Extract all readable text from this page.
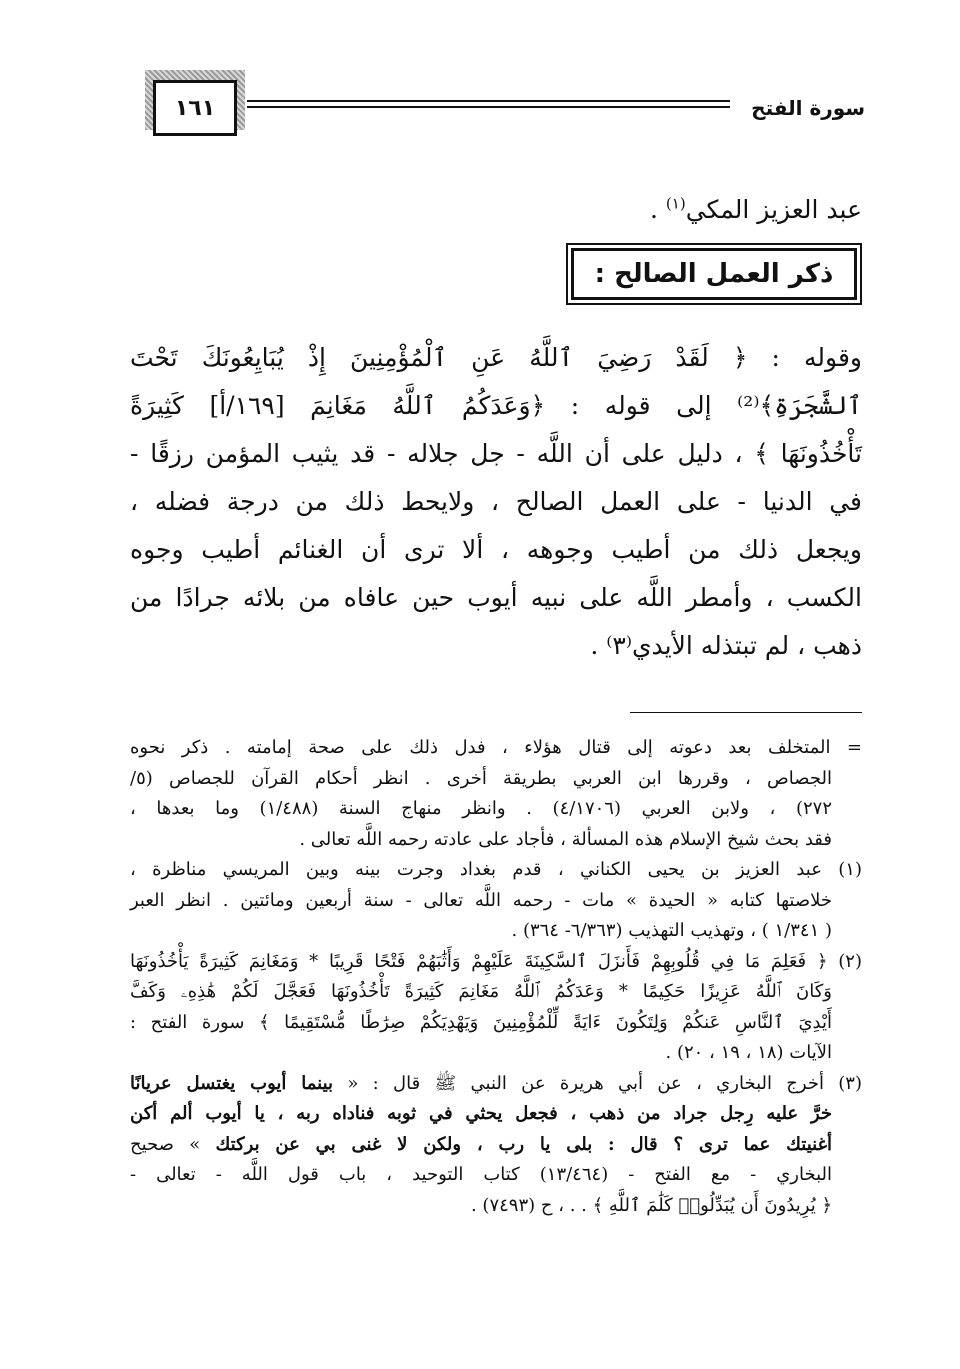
١٦١	سورة الفتح
عبد العزيز المكي$^{(١)}$ .
ذكر العمل الصالح :
وقوله : ﴿ لَقَدْ رَضِيَ ٱللَّهُ عَنِ ٱلْمُؤْمِنِينَ إِذْ يُبَايِعُونَكَ تَحْتَ
ٱلشَّجَرَةِ﴾⁽²⁾ إلى قوله : ﴿وَعَدَكُمُ ٱللَّهُ مَغَانِمَ [١٦٩/أ] كَثِيرَةً
تَأْخُذُونَهَا ﴾ ، دليل على أن اللَّه - جل جلاله - قد يثيب المؤمن رزقًا -
في الدنيا - على العمل الصالح ، ولايحط ذلك من درجة فضله ،
ويجعل ذلك من أطيب وجوهه ، ألا ترى أن الغنائم أطيب وجوه
الكسب ، وأمطر اللَّه على نبيه أيوب حين عافاه من بلائه جرادًا من
ذهب ، لم تبتذله الأيدي⁽٣⁾ .
= المتخلف بعد دعوته إلى قتال هؤلاء ، فدل ذلك على صحة إمامته . ذكر نحوه
الجصاص ، وقررها ابن العربي بطريقة أخرى . انظر أحكام القرآن للجصاص (٥/
٢٧٢) ، ولابن العربي (٤/١٧٠٦) . وانظر منهاج السنة (١/٤٨٨) وما بعدها ،
فقد بحث شيخ الإسلام هذه المسألة ، فأجاد على عادته رحمه اللَّه تعالى .
(١) عبد العزيز بن يحيى الكناني ، قدم بغداد وجرت بينه وبين المريسي مناظرة ،
خلاصتها كتابه « الحيدة » مات - رحمه اللَّه تعالى - سنة أربعين ومائتين . انظر العبر
( ١/٣٤١ ) ، وتهذيب التهذيب (٦/٣٦٣- ٣٦٤) .
(٢) ﴿ فَعَلِمَ مَا فِي قُلُوبِهِمْ فَأَنزَلَ ٱلسَّكِينَةَ عَلَيْهِمْ وَأَثَٰبَهُمْ فَتْحًا قَرِيبًا * وَمَغَانِمَ كَثِيرَةً يَأْخُذُونَهَا
وَكَانَ ٱللَّهُ عَزِيزًا حَكِيمًا * وَعَدَكُمُ ٱللَّهُ مَغَانِمَ كَثِيرَةً تَأْخُذُونَهَا فَعَجَّلَ لَكُمْ هَٰذِهِۦ وَكَفَّ
أَيْدِيَ ٱلنَّاسِ عَنكُمْ وَلِتَكُونَ ءَايَةً لِّلْمُؤْمِنِينَ وَيَهْدِيَكُمْ صِرَٰطًا مُّسْتَقِيمًا ﴾ سورة الفتح :
الآيات (١٨ ، ١٩ ، ٢٠) .
(٣) أخرج البخاري ، عن أبي هريرة عن النبي ﷺ قال : « بينما أيوب يغتسل عريانًا
خرَّ عليه رِجل جراد من ذهب ، فجعل يحثي في ثوبه فناداه ربه ، يا أيوب ألم أكن
أغنيتك عما ترى ؟ قال : بلى يا رب ، ولكن لا غنى بي عن بركتك » صحيح
البخاري - مع الفتح - (١٣/٤٦٤) كتاب التوحيد ، باب قول اللَّه - تعالى -
﴿ يُرِيدُونَ أَن يُبَدِّلُوا۟ كَلَٰمَ ٱللَّهِ ﴾ . . ، ح (٧٤٩٣) .
